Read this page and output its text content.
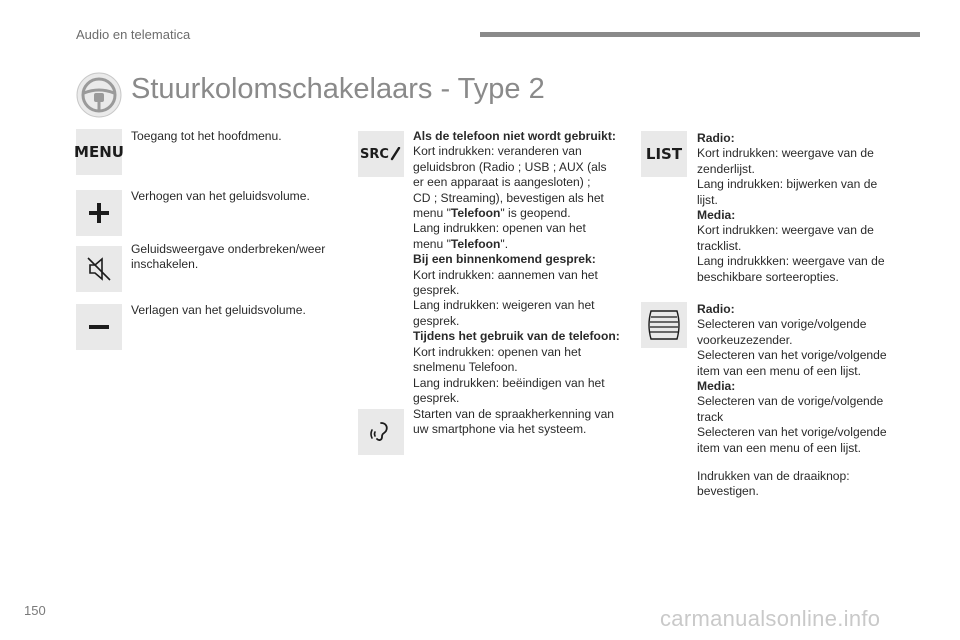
Audio en telematica
Stuurkolomschakelaars - Type 2
MENU
Toegang tot het hoofdmenu.
Verhogen van het geluidsvolume.
Geluidsweergave onderbreken/weer
inschakelen.
Verlagen van het geluidsvolume.
SRC
Als de telefoon niet wordt gebruikt:
Kort indrukken: veranderen van
geluidsbron (Radio ; USB ; AUX (als
er een apparaat is aangesloten) ;
CD ; Streaming), bevestigen als het
menu "Telefoon" is geopend.
Lang indrukken: openen van het
menu "Telefoon".
Bij een binnenkomend gesprek:
Kort indrukken: aannemen van het
gesprek.
Lang indrukken: weigeren van het
gesprek.
Tijdens het gebruik van de telefoon:
Kort indrukken: openen van het
snelmenu Telefoon.
Lang indrukken: beëindigen van het
gesprek.
Starten van de spraakherkenning van
uw smartphone via het systeem.
LIST
Radio:
Kort indrukken: weergave van de
zenderlijst.
Lang indrukken: bijwerken van de
lijst.
Media:
Kort indrukken: weergave van de
tracklist.
Lang indrukkken: weergave van de
beschikbare sorteeropties.
Radio:
Selecteren van vorige/volgende
voorkeuzezender.
Selecteren van het vorige/volgende
item van een menu of een lijst.
Media:
Selecteren van de vorige/volgende
track
Selecteren van het vorige/volgende
item van een menu of een lijst.
Indrukken van de draaiknop:
bevestigen.
150	carmanualsonline.info
